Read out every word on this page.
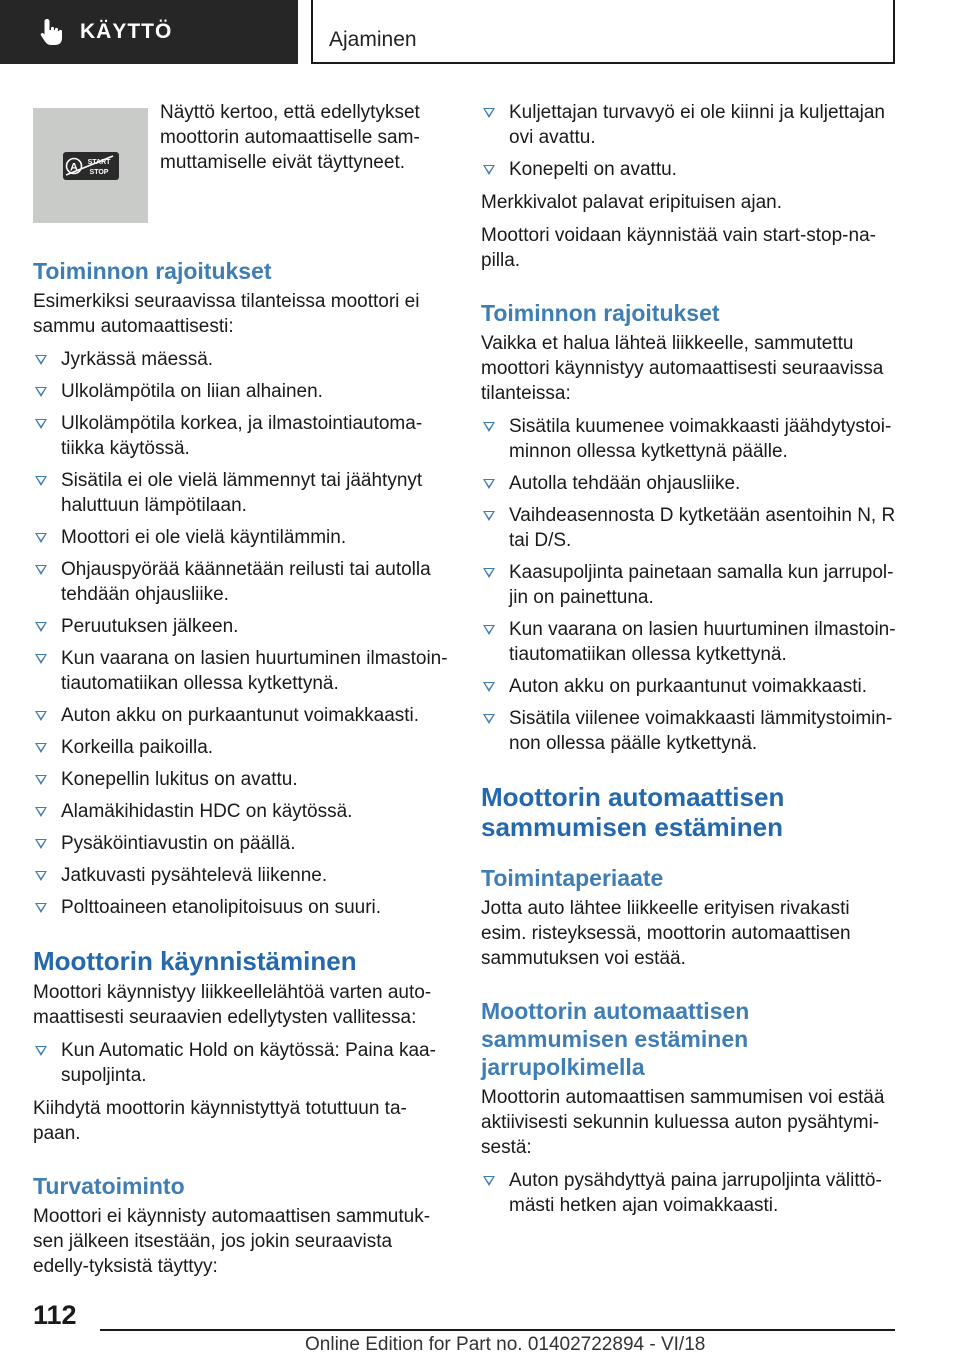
KÄYTTÖ	Ajaminen
A START
STOP
Näyttö kertoo, että edellytykset moottorin automaattiselle sam-muttamiselle eivät täyttyneet.
Toiminnon rajoitukset

Esimerkiksi seuraavissa tilanteissa moottori ei sammu automaattisesti:

Jyrkässä mäessä.
Ulkolämpötila on liian alhainen.
Ulkolämpötila korkea, ja ilmastointiautoma-tiikka käytössä.
Sisätila ei ole vielä lämmennyt tai jäähtynyt haluttuun lämpötilaan.
Moottori ei ole vielä käyntilämmin.
Ohjauspyörää käännetään reilusti tai autolla tehdään ohjausliike.
Peruutuksen jälkeen.
Kun vaarana on lasien huurtuminen ilmastoin-tiautomatiikan ollessa kytkettynä.
Auton akku on purkaantunut voimakkaasti.
Korkeilla paikoilla.
Konepellin lukitus on avattu.
Alamäkihidastin HDC on käytössä.
Pysäköintiavustin on päällä.
Jatkuvasti pysähtelevä liikenne.
Polttoaineen etanolipitoisuus on suuri.
Moottorin käynnistäminen

Moottori käynnistyy liikkeellelähtöä varten auto-maattisesti seuraavien edellytysten vallitessa:

Kun Automatic Hold on käytössä: Paina kaa-supoljinta.

Kiihdytä moottorin käynnistyttyä totuttuun ta-paan.

Turvatoiminto

Moottori ei käynnisty automaattisen sammutuk-sen jälkeen itsestään, jos jokin seuraavista edelly-tyksistä täyttyy:

Kuljettajan turvavyö ei ole kiinni ja kuljettajan ovi avattu.
Konepelti on avattu.

Merkkivalot palavat eripituisen ajan.

Moottori voidaan käynnistää vain start-stop-na-pilla.

Toiminnon rajoitukset

Vaikka et halua lähteä liikkeelle, sammutettu moottori käynnistyy automaattisesti seuraavissa tilanteissa:

Sisätila kuumenee voimakkaasti jäähdytystoi-minnon ollessa kytkettynä päälle.
Autolla tehdään ohjausliike.
Vaihdeasennosta D kytketään asentoihin N, R tai D/S.
Kaasupoljinta painetaan samalla kun jarrupol-jin on painettuna.
Kun vaarana on lasien huurtuminen ilmastoin-tiautomatiikan ollessa kytkettynä.
Auton akku on purkaantunut voimakkaasti.
Sisätila viilenee voimakkaasti lämmitystoimin-non ollessa päälle kytkettynä.
Moottorin automaattisen sammumisen estäminen
Toimintaperiaate

Jotta auto lähtee liikkeelle erityisen rivakasti esim. risteyksessä, moottorin automaattisen sammutuksen voi estää.

Moottorin automaattisen sammumisen estäminen jarrupolkimella

Moottorin automaattisen sammumisen voi estää aktiivisesti sekunnin kuluessa auton pysähtymi-sestä:

Auton pysähdyttyä paina jarrupoljinta välittö-mästi hetken ajan voimakkaasti.
112
Online Edition for Part no. 01402722894 - VI/18
